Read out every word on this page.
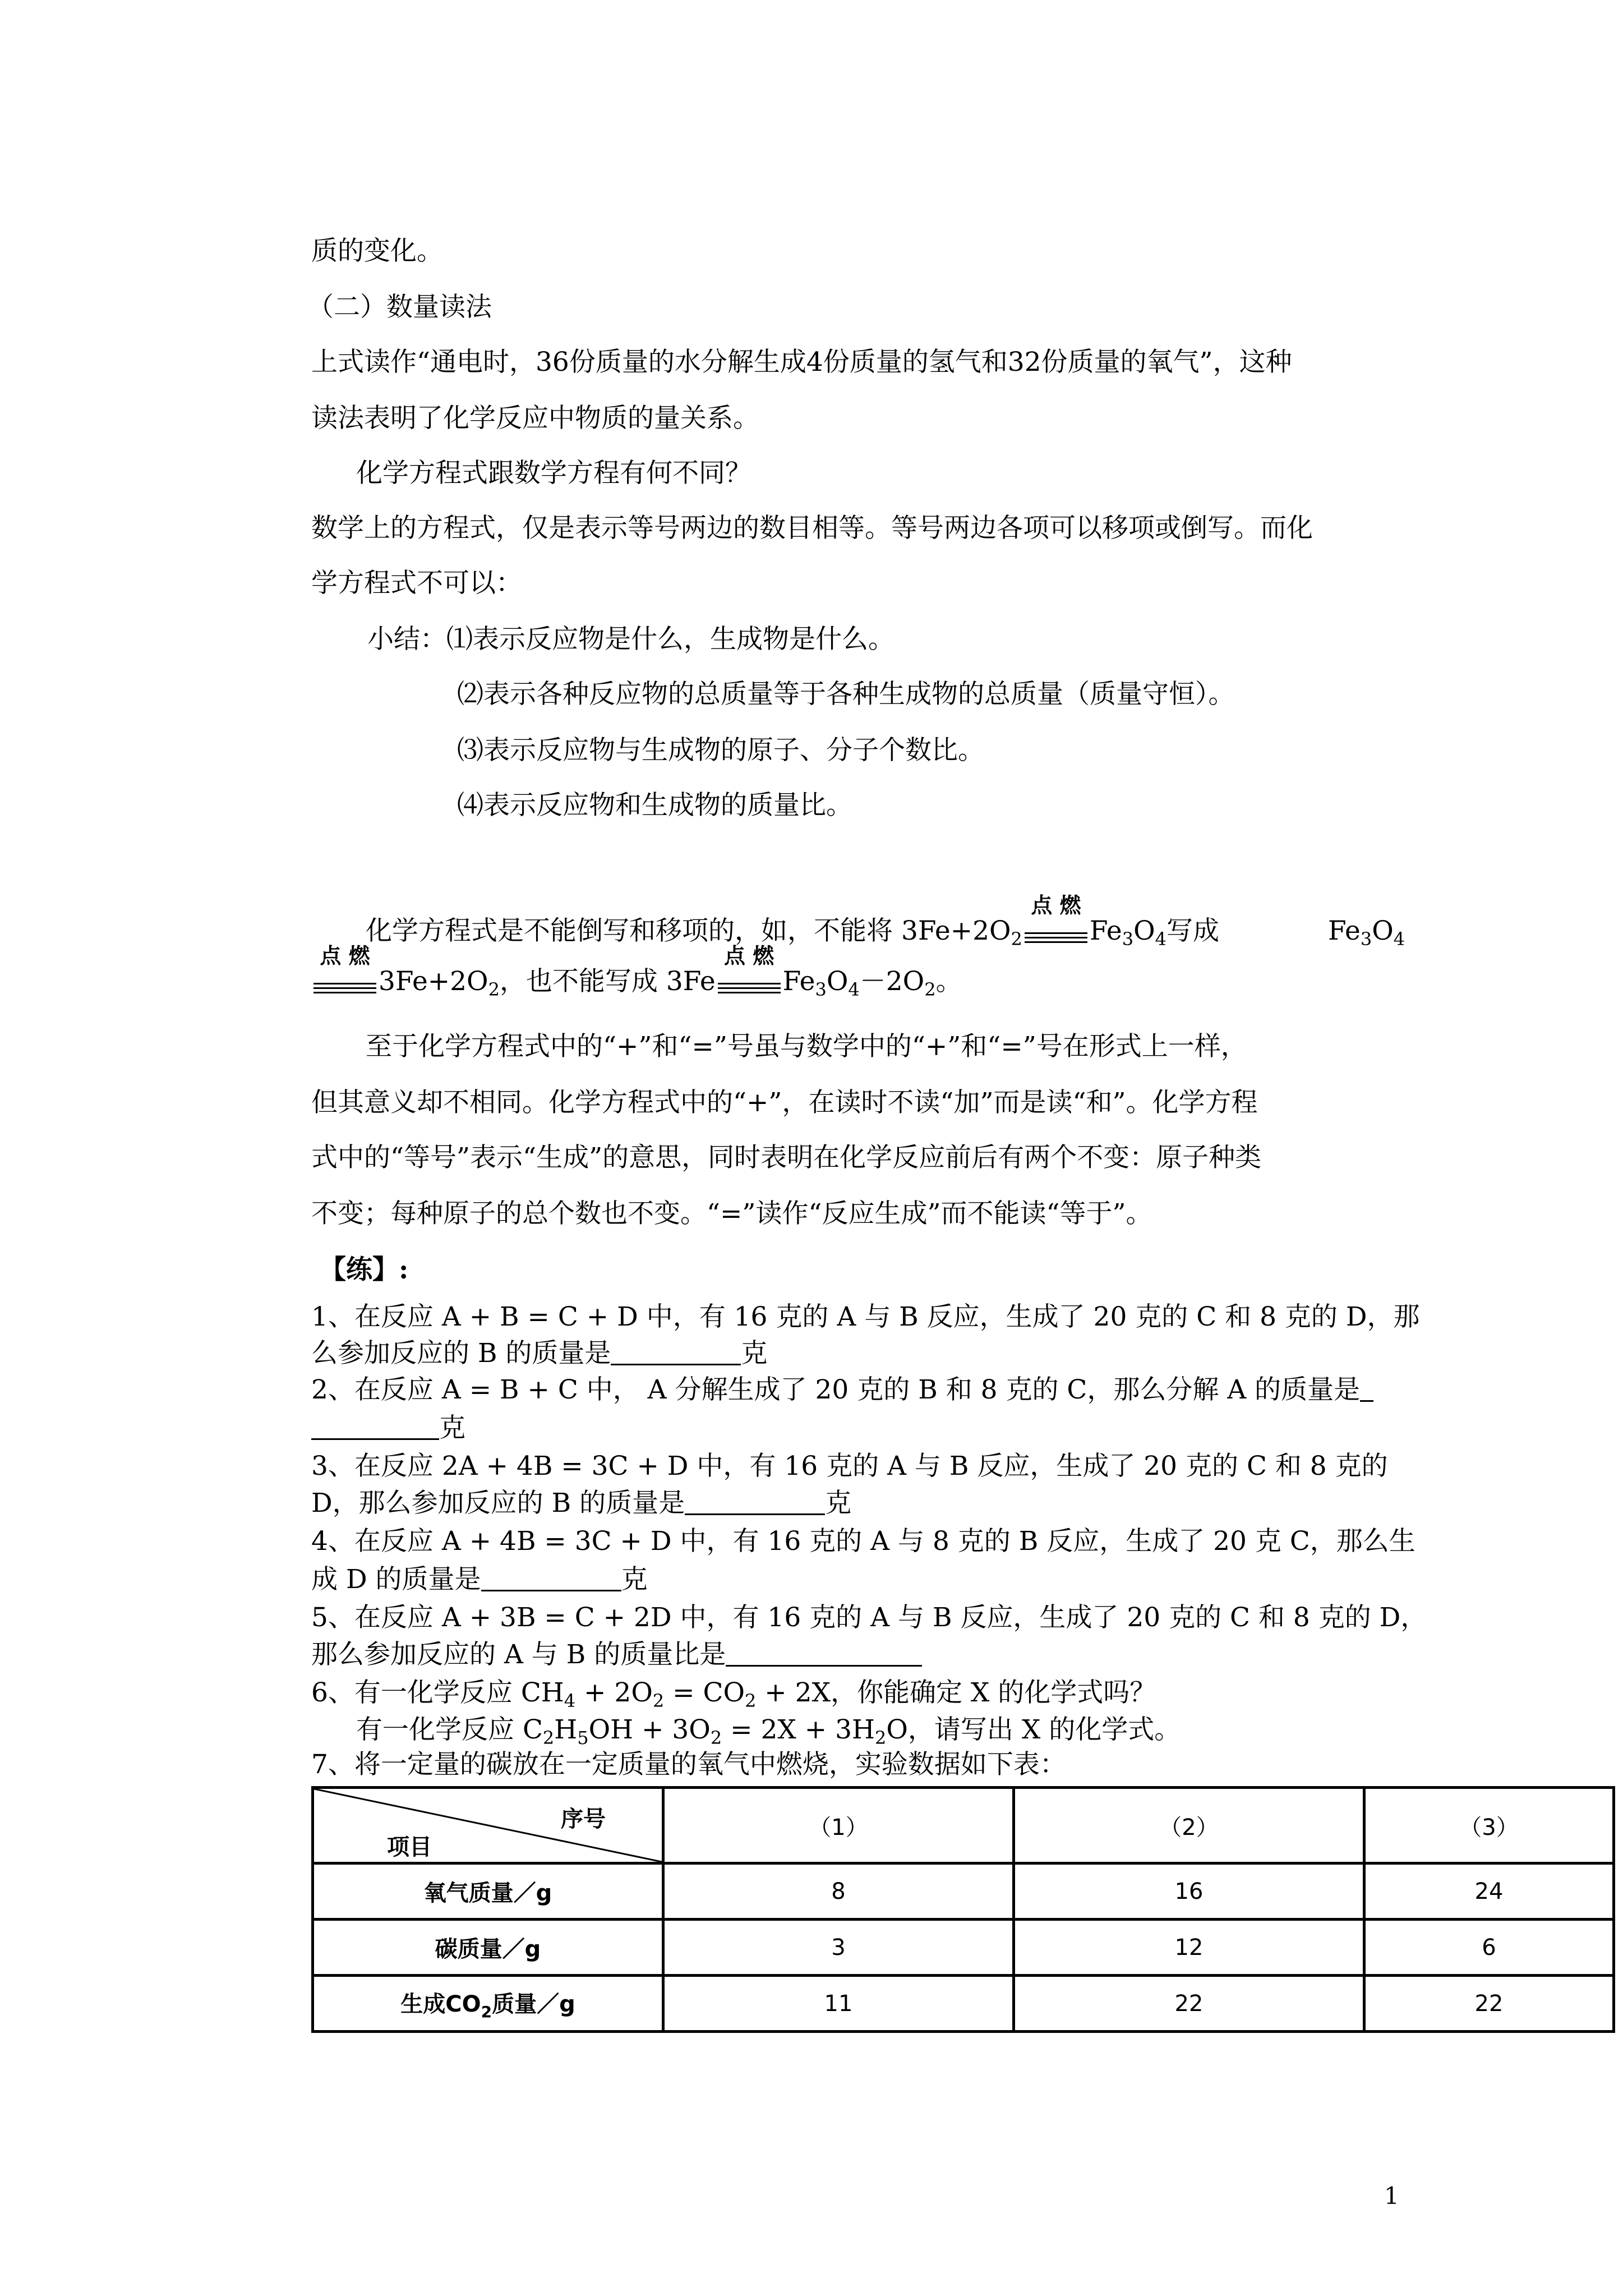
质的变化。
（二）数量读法
上式读作“通电时，36份质量的水分解生成4份质量的氢气和32份质量的氧气”，这种
读法表明了化学反应中物质的量关系。
化学方程式跟数学方程有何不同？
数学上的方程式，仅是表示等号两边的数目相等。等号两边各项可以移项或倒写。而化
学方程式不可以：
小结：⑴表示反应物是什么，生成物是什么。
⑵表示各种反应物的总质量等于各种生成物的总质量（质量守恒）。
⑶表示反应物与生成物的原子、分子个数比。
⑷表示反应物和生成物的质量比。
化学方程式是不能倒写和移项的，如，不能将 $3Fe+2O_2$
点 燃
$Fe_3O_4$写成	$Fe_3O_4$
点 燃
$3Fe+2O_2$，也不能写成 3Fe
点 燃
$Fe_3O_4-2O_2$。
至于化学方程式中的“+”和“=”号虽与数学中的“+”和“=”号在形式上一样，
但其意义却不相同。化学方程式中的“+”，在读时不读“加”而是读“和”。化学方程
式中的“等号”表示“生成”的意思，同时表明在化学反应前后有两个不变：原子种类
不变；每种原子的总个数也不变。“=”读作“反应生成”而不能读“等于”。
【练】:
1、在反应 A + B = C + D 中，有 16 克的 A 与 B 反应，生成了 20 克的 C 和 8 克的 D，那
么参加反应的 B 的质量是	克
2、在反应 A = B + C 中， A 分解生成了 20 克的 B 和 8 克的 C，那么分解 A 的质量是
克
3、在反应 2A + 4B = 3C + D 中，有 16 克的 A 与 B 反应，生成了 20 克的 C 和 8 克的
D，那么参加反应的 B 的质量是	克
4、在反应 A + 4B = 3C + D 中，有 16 克的 A 与 8 克的 B 反应，生成了 20 克 C，那么生
成 D 的质量是	克
5、在反应 A + 3B = C + 2D 中，有 16 克的 A 与 B 反应，生成了 20 克的 C 和 8 克的 D，
那么参加反应的 A 与 B 的质量比是
6、有一化学反应 $CH_4 + 2O_2 = CO_2 + 2X$，你能确定 X 的化学式吗？
有一化学反应 $C_2H_5OH + 3O_2 = 2X + 3H_2O$，请写出 X 的化学式。
7、将一定量的碳放在一定质量的氧气中燃烧，实验数据如下表：
序号
项目	（1）	（2）	（3）
氧气质量／g	8	16	24
碳质量／g	3	12	6
生成$CO_2$质量／g	11	22	22
1
